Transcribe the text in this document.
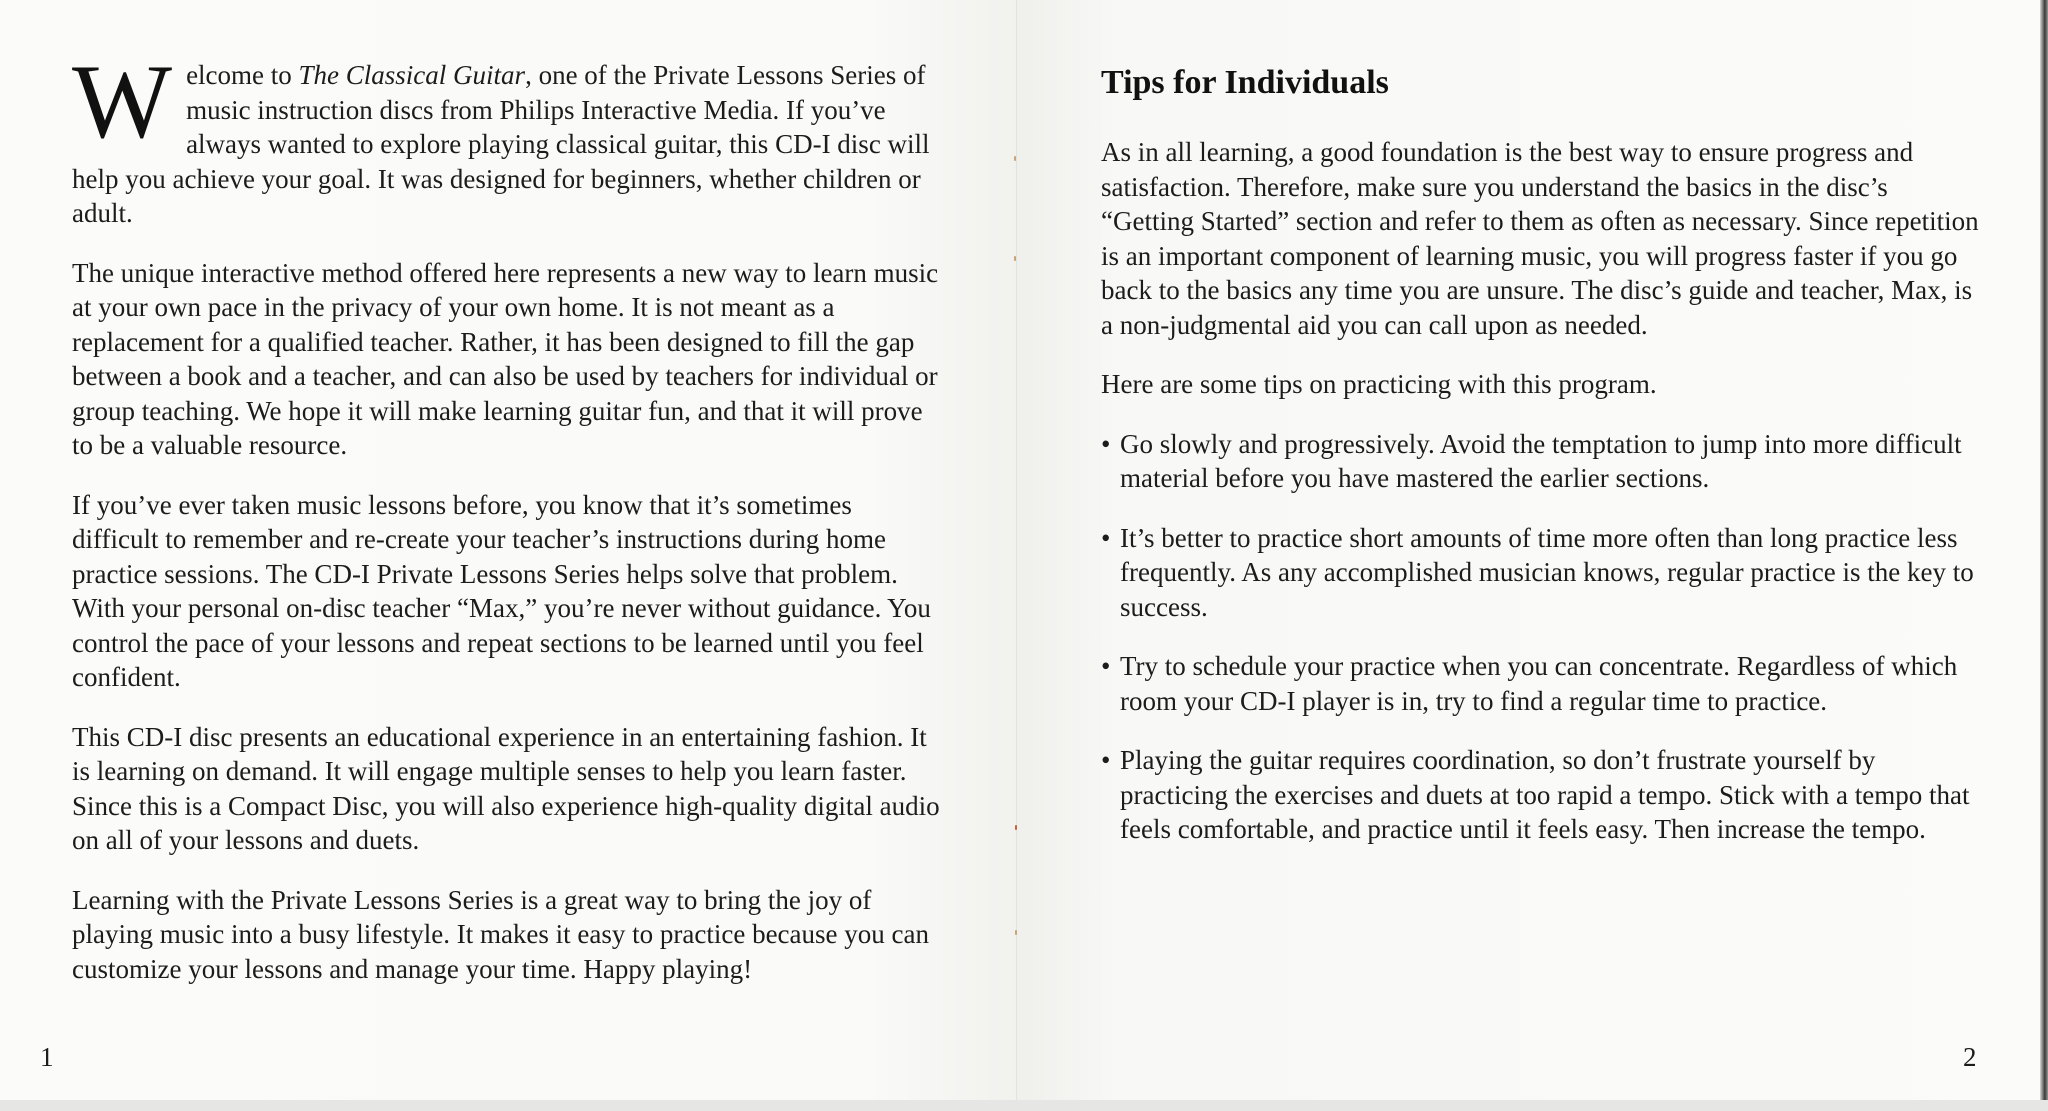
Welcome to The Classical Guitar, one of the Private Lessons Series of music instruction discs from Philips Interactive Media. If you’ve always wanted to explore playing classical guitar, this CD-I disc will help you achieve your goal. It was designed for beginners, whether children or adult.

The unique interactive method offered here represents a new way to learn music at your own pace in the privacy of your own home. It is not meant as a replacement for a qualified teacher. Rather, it has been designed to fill the gap between a book and a teacher, and can also be used by teachers for individual or group teaching. We hope it will make learning guitar fun, and that it will prove to be a valuable resource.

If you’ve ever taken music lessons before, you know that it’s sometimes difficult to remember and re-create your teacher’s instructions during home practice sessions. The CD-I Private Lessons Series helps solve that problem. With your personal on-disc teacher “Max,” you’re never without guidance. You control the pace of your lessons and repeat sections to be learned until you feel confident.

This CD-I disc presents an educational experience in an entertaining fashion. It is learning on demand. It will engage multiple senses to help you learn faster. Since this is a Compact Disc, you will also experience high-quality digital audio on all of your lessons and duets.

Learning with the Private Lessons Series is a great way to bring the joy of playing music into a busy lifestyle. It makes it easy to practice because you can customize your lessons and manage your time. Happy playing!

1
Tips for Individuals

As in all learning, a good foundation is the best way to ensure progress and satisfaction. Therefore, make sure you understand the basics in the disc’s “Getting Started” section and refer to them as often as necessary. Since repetition is an important component of learning music, you will progress faster if you go back to the basics any time you are unsure. The disc’s guide and teacher, Max, is a non-judgmental aid you can call upon as needed.

Here are some tips on practicing with this program.

• Go slowly and progressively. Avoid the temptation to jump into more difficult material before you have mastered the earlier sections.
• It’s better to practice short amounts of time more often than long practice less frequently. As any accomplished musician knows, regular practice is the key to success.
• Try to schedule your practice when you can concentrate. Regardless of which room your CD-I player is in, try to find a regular time to practice.
• Playing the guitar requires coordination, so don’t frustrate yourself by practicing the exercises and duets at too rapid a tempo. Stick with a tempo that feels comfortable, and practice until it feels easy. Then increase the tempo.
2
